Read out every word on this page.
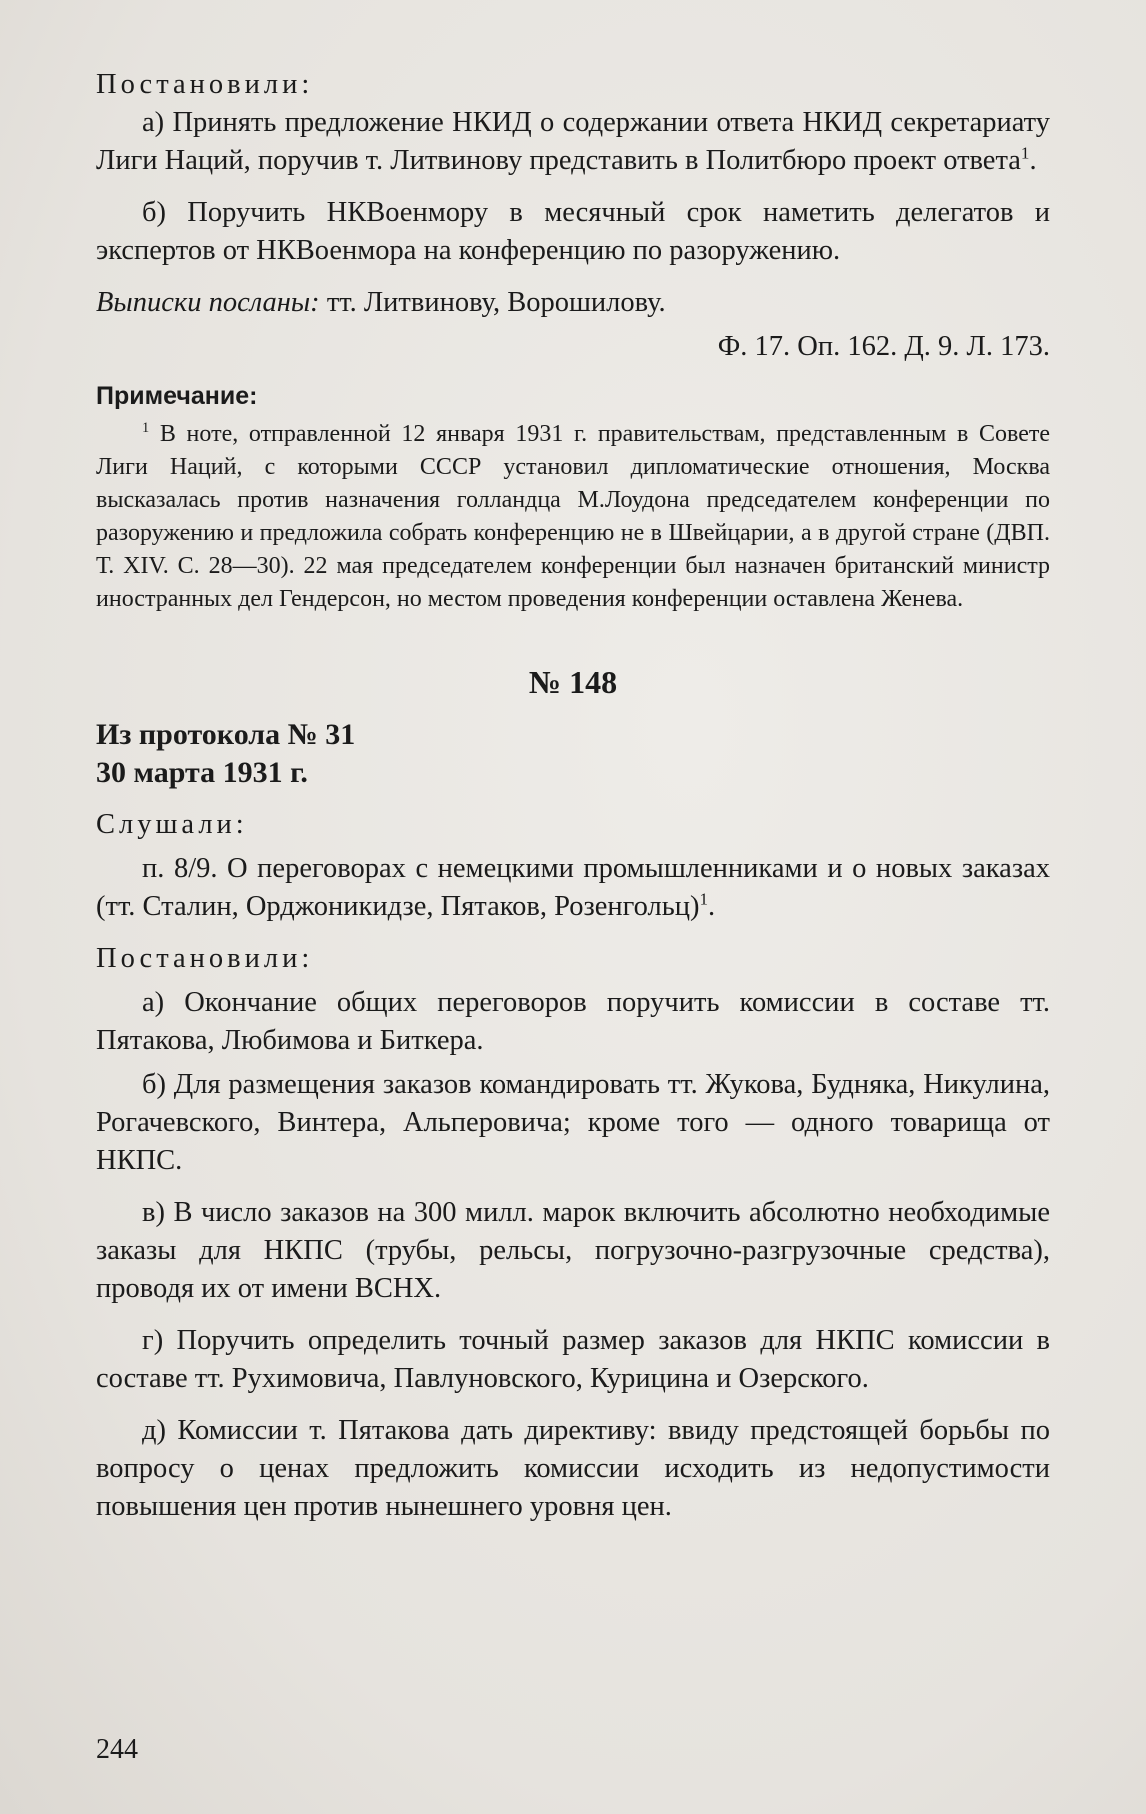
Постановили:

а) Принять предложение НКИД о содержании ответа НКИД секретариату Лиги Наций, поручив т. Литвинову представить в Политбюро проект ответа$^1$.

б) Поручить НКВоенмору в месячный срок наметить делегатов и экспертов от НКВоенмора на конференцию по разоружению.

Выписки посланы: тт. Литвинову, Ворошилову.

Ф. 17. Оп. 162. Д. 9. Л. 173.

Примечание:

$^1$ В ноте, отправленной 12 января 1931 г. правительствам, представленным в Совете Лиги Наций, с которыми СССР установил дипломатические отношения, Москва высказалась против назначения голландца М.Лоудона председателем конференции по разоружению и предложила собрать конференцию не в Швейцарии, а в другой стране (ДВП. Т. XIV. С. 28—30). 22 мая председателем конференции был назначен британский министр иностранных дел Гендерсон, но местом проведения конференции оставлена Женева.

№ 148

Из протокола № 31

30 марта 1931 г.

Слушали:

п. 8/9. О переговорах с немецкими промышленниками и о новых заказах (тт. Сталин, Орджоникидзе, Пятаков, Розенгольц)$^1$.

Постановили:

а) Окончание общих переговоров поручить комиссии в составе тт. Пятакова, Любимова и Биткера.

б) Для размещения заказов командировать тт. Жукова, Будняка, Никулина, Рогачевского, Винтера, Альперовича; кроме того — одного товарища от НКПС.

в) В число заказов на 300 милл. марок включить абсолютно необходимые заказы для НКПС (трубы, рельсы, погрузочно-разгрузочные средства), проводя их от имени ВСНХ.

г) Поручить определить точный размер заказов для НКПС комиссии в составе тт. Рухимовича, Павлуновского, Курицина и Озерского.

д) Комиссии т. Пятакова дать директиву: ввиду предстоящей борьбы по вопросу о ценах предложить комиссии исходить из недопустимости повышения цен против нынешнего уровня цен.

244
